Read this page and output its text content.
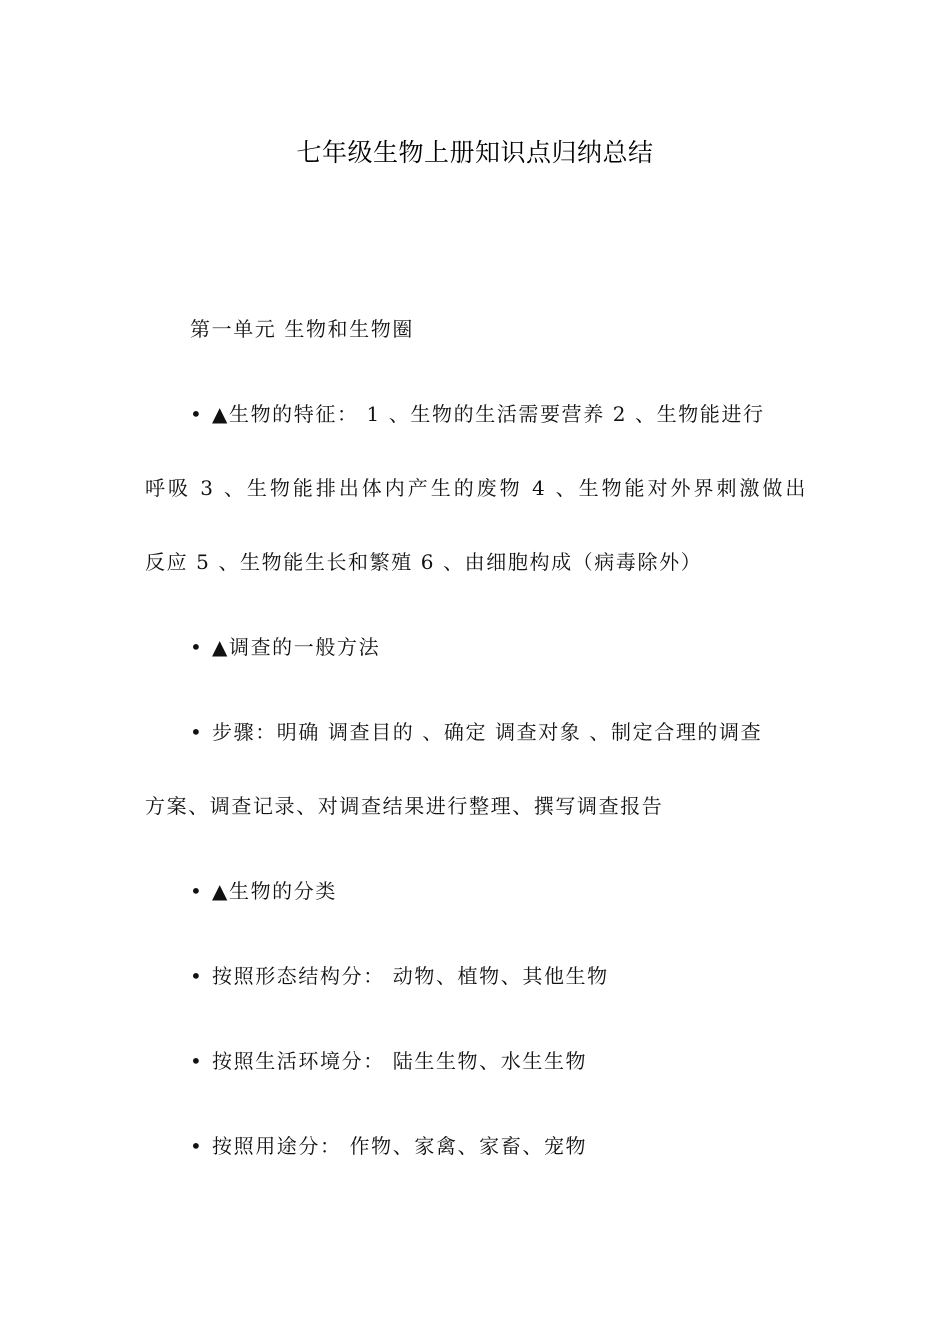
七年级生物上册知识点归纳总结
第一单元 生物和生物圈
• ▲生物的特征： 1 、生物的生活需要营养 2 、生物能进行
呼吸 3 、生物能排出体内产生的废物 4 、生物能对外界刺激做出
反应 5 、生物能生长和繁殖 6 、由细胞构成（病毒除外）
• ▲调查的一般方法
• 步骤：明确 调查目的 、确定 调查对象 、制定合理的调查
方案、调查记录、对调查结果进行整理、撰写调查报告
• ▲生物的分类
• 按照形态结构分： 动物、植物、其他生物
• 按照生活环境分： 陆生生物、水生生物
• 按照用途分： 作物、家禽、家畜、宠物
